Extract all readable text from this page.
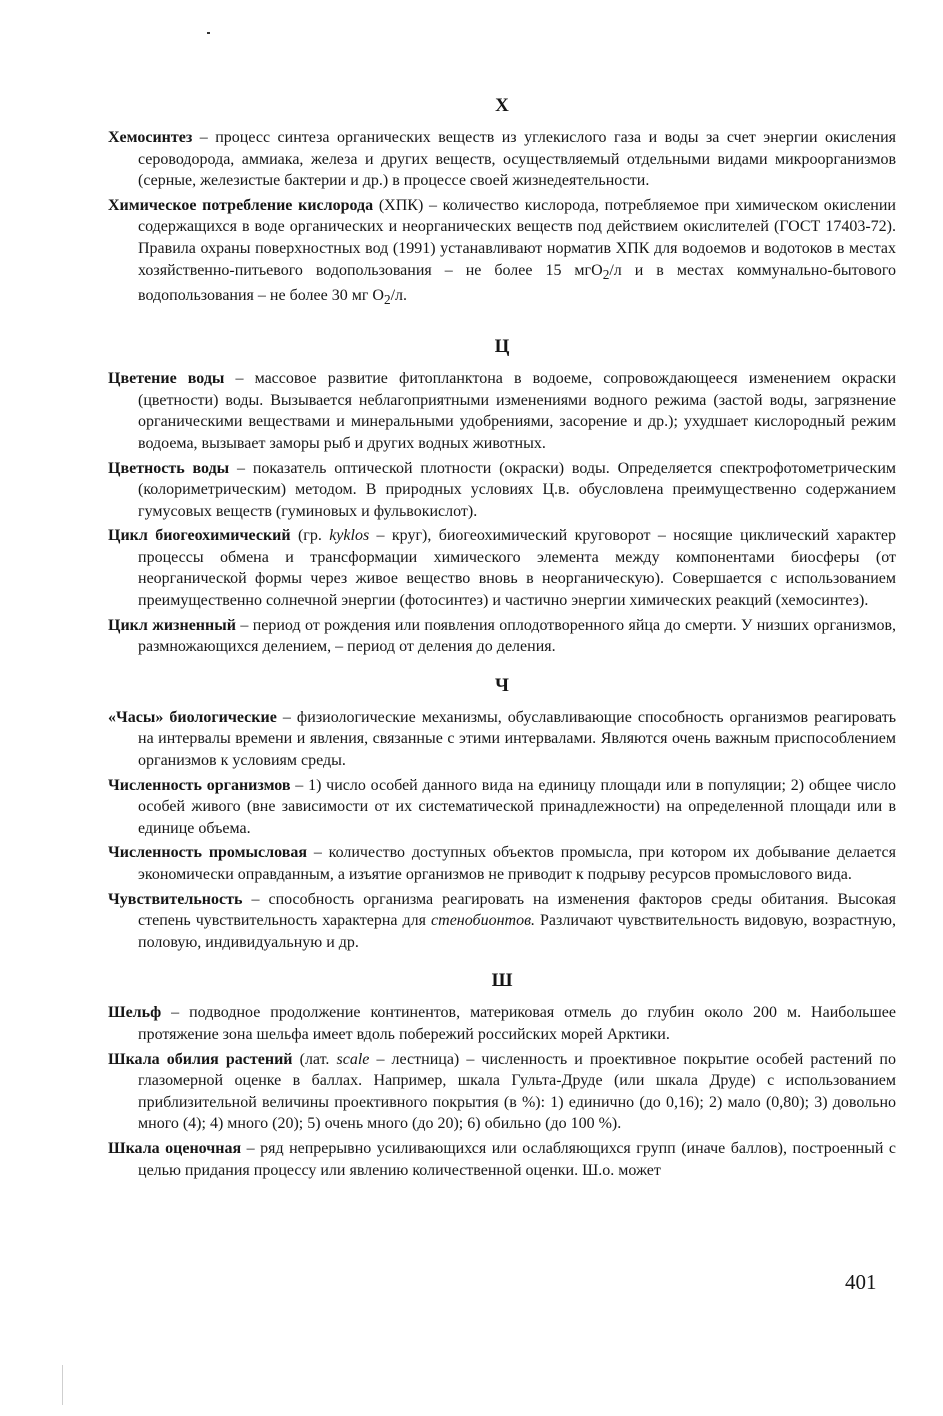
Х

Хемосинтез – процесс синтеза органических веществ из углекислого газа и воды за счет энергии окисления сероводорода, аммиака, железа и других веществ, осуществляемый отдельными видами микроорганизмов (серные, железистые бактерии и др.) в процессе своей жизнедеятельности.

Химическое потребление кислорода (ХПК) – количество кислорода, потребляемое при химическом окислении содержащихся в воде органических и неорганических веществ под действием окислителей (ГОСТ 17403-72). Правила охраны поверхностных вод (1991) устанавливают норматив ХПК для водоемов и водотоков в местах хозяйственно-питьевого водопользования – не более 15 мгО$_2$/л и в местах коммунально-бытового водопользования – не более 30 мг $О_2/л$.

Ц

Цветение воды – массовое развитие фитопланктона в водоеме, сопровождающееся изменением окраски (цветности) воды. Вызывается неблагоприятными изменениями водного режима (застой воды, загрязнение органическими веществами и минеральными удобрениями, засорение и др.); ухудшает кислородный режим водоема, вызывает заморы рыб и других водных животных.

Цветность воды – показатель оптической плотности (окраски) воды. Определяется спектрофотометрическим (колориметрическим) методом. В природных условиях Ц.в. обусловлена преимущественно содержанием гумусовых веществ (гуминовых и фульвокислот).

Цикл биогеохимический (гр. kyklos – круг), биогеохимический круговорот – носящие циклический характер процессы обмена и трансформации химического элемента между компонентами биосферы (от неорганической формы через живое вещество вновь в неорганическую). Совершается с использованием преимущественно солнечной энергии (фотосинтез) и частично энергии химических реакций (хемосинтез).

Цикл жизненный – период от рождения или появления оплодотворенного яйца до смерти. У низших организмов, размножающихся делением, – период от деления до деления.

Ч

«Часы» биологические – физиологические механизмы, обуславливающие способность организмов реагировать на интервалы времени и явления, связанные с этими интервалами. Являются очень важным приспособлением организмов к условиям среды.

Численность организмов – 1) число особей данного вида на единицу площади или в популяции; 2) общее число особей живого (вне зависимости от их систематической принадлежности) на определенной площади или в единице объема.

Численность промысловая – количество доступных объектов промысла, при котором их добывание делается экономически оправданным, а изъятие организмов не приводит к подрыву ресурсов промыслового вида.

Чувствительность – способность организма реагировать на изменения факторов среды обитания. Высокая степень чувствительность характерна для стенобионтов. Различают чувствительность видовую, возрастную, половую, индивидуальную и др.

Ш

Шельф – подводное продолжение континентов, материковая отмель до глубин около 200 м. Наибольшее протяжение зона шельфа имеет вдоль побережий российских морей Арктики.

Шкала обилия растений (лат. scale – лестница) – численность и проективное покрытие особей растений по глазомерной оценке в баллах. Например, шкала Гульта-Друде (или шкала Друде) с использованием приблизительной величины проективного покрытия (в %): 1) единично (до 0,16); 2) мало (0,80); 3) довольно много (4); 4) много (20); 5) очень много (до 20); 6) обильно (до 100 %).

Шкала оценочная – ряд непрерывно усиливающихся или ослабляющихся групп (иначе баллов), построенный с целью придания процессу или явлению количественной оценки. Ш.о. может

401
